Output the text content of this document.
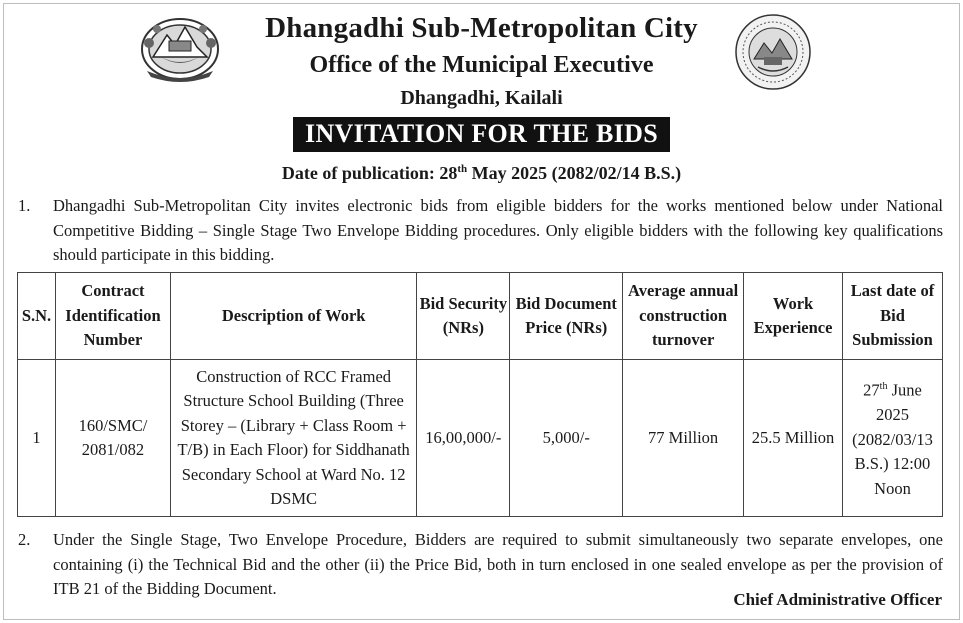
Dhangadhi Sub-Metropolitan City
Office of the Municipal Executive
Dhangadhi, Kailali
INVITATION FOR THE BIDS
Date of publication: 28th May 2025 (2082/02/14 B.S.)
1. Dhangadhi Sub-Metropolitan City invites electronic bids from eligible bidders for the works mentioned below under National Competitive Bidding – Single Stage Two Envelope Bidding procedures. Only eligible bidders with the following key qualifications should participate in this bidding.
S.N.	Contract Identification Number	Description of Work	Bid Security (NRs)	Bid Document Price (NRs)	Average annual construction turnover	Work Experience	Last date of Bid Submission
1	160/SMC/ 2081/082	Construction of RCC Framed Structure School Building (Three Storey – (Library + Class Room + T/B) in Each Floor) for Siddhanath Secondary School at Ward No. 12 DSMC	16,00,000/-	5,000/-	77 Million	25.5 Million	27th June 2025 (2082/03/13 B.S.) 12:00 Noon
2. Under the Single Stage, Two Envelope Procedure, Bidders are required to submit simultaneously two separate envelopes, one containing (i) the Technical Bid and the other (ii) the Price Bid, both in turn enclosed in one sealed envelope as per the provision of ITB 21 of the Bidding Document.
Chief Administrative Officer
